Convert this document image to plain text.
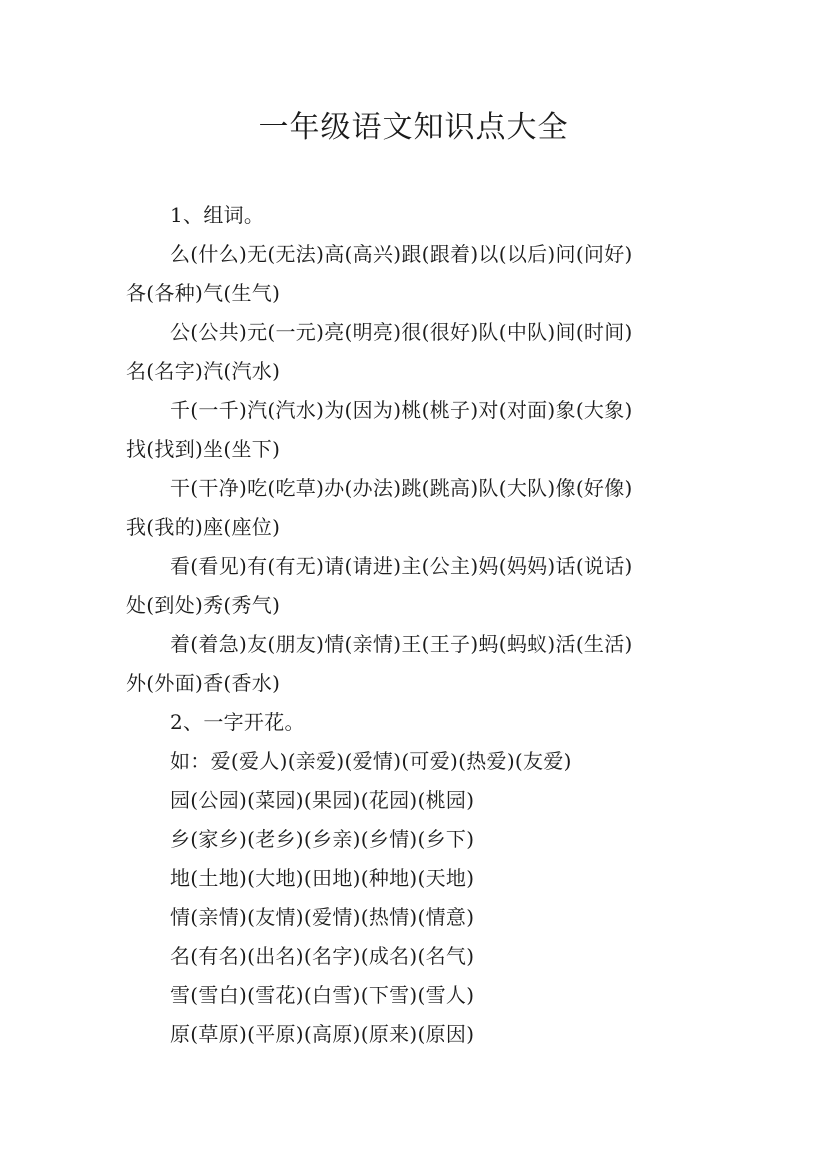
一年级语文知识点大全
1、组词。
么(什么)无(无法)高(高兴)跟(跟着)以(以后)问(问好)
各(各种)气(生气)
公(公共)元(一元)亮(明亮)很(很好)队(中队)间(时间)
名(名字)汽(汽水)
千(一千)汽(汽水)为(因为)桃(桃子)对(对面)象(大象)
找(找到)坐(坐下)
干(干净)吃(吃草)办(办法)跳(跳高)队(大队)像(好像)
我(我的)座(座位)
看(看见)有(有无)请(请进)主(公主)妈(妈妈)话(说话)
处(到处)秀(秀气)
着(着急)友(朋友)情(亲情)王(王子)蚂(蚂蚁)活(生活)
外(外面)香(香水)
2、一字开花。
如：爱(爱人)(亲爱)(爱情)(可爱)(热爱)(友爱)
园(公园)(菜园)(果园)(花园)(桃园)
乡(家乡)(老乡)(乡亲)(乡情)(乡下)
地(土地)(大地)(田地)(种地)(天地)
情(亲情)(友情)(爱情)(热情)(情意)
名(有名)(出名)(名字)(成名)(名气)
雪(雪白)(雪花)(白雪)(下雪)(雪人)
原(草原)(平原)(高原)(原来)(原因)
